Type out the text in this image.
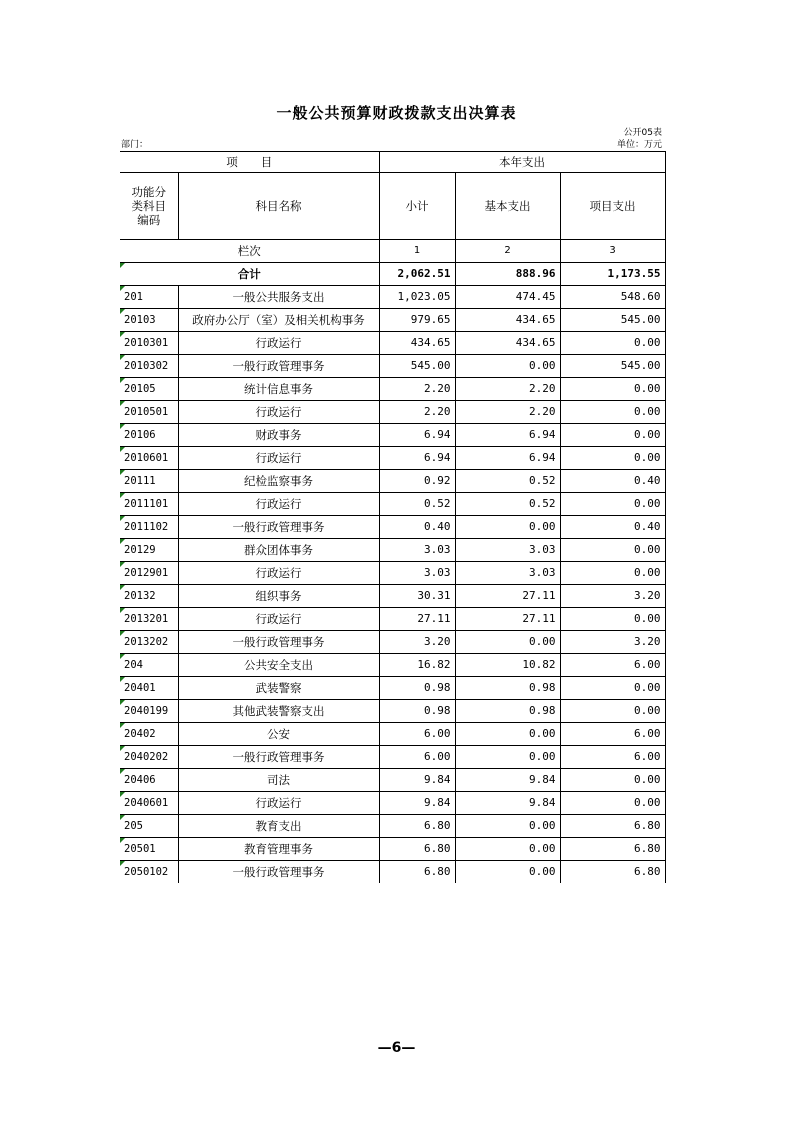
一般公共预算财政拨款支出决算表
公开05表
部门：	单位：万元
项　　目		本年支出		
功能分类科目编码	科目名称	小计	基本支出	项目支出
栏次		1	2	3

合计		2,062.51	888.96	1,173.55

201	一般公共服务支出	1,023.05	474.45	548.60

20103	政府办公厅（室）及相关机构事务	979.65	434.65	545.00

2010301	行政运行	434.65	434.65	0.00

2010302	一般行政管理事务	545.00	0.00	545.00

20105	统计信息事务	2.20	2.20	0.00

2010501	行政运行	2.20	2.20	0.00

20106	财政事务	6.94	6.94	0.00

2010601	行政运行	6.94	6.94	0.00

20111	纪检监察事务	0.92	0.52	0.40

2011101	行政运行	0.52	0.52	0.00

2011102	一般行政管理事务	0.40	0.00	0.40

20129	群众团体事务	3.03	3.03	0.00

2012901	行政运行	3.03	3.03	0.00

20132	组织事务	30.31	27.11	3.20

2013201	行政运行	27.11	27.11	0.00

2013202	一般行政管理事务	3.20	0.00	3.20

204	公共安全支出	16.82	10.82	6.00

20401	武装警察	0.98	0.98	0.00

2040199	其他武装警察支出	0.98	0.98	0.00

20402	公安	6.00	0.00	6.00

2040202	一般行政管理事务	6.00	0.00	6.00

20406	司法	9.84	9.84	0.00

2040601	行政运行	9.84	9.84	0.00

205	教育支出	6.80	0.00	6.80

20501	教育管理事务	6.80	0.00	6.80

2050102	一般行政管理事务	6.80	0.00	6.80
—6—
